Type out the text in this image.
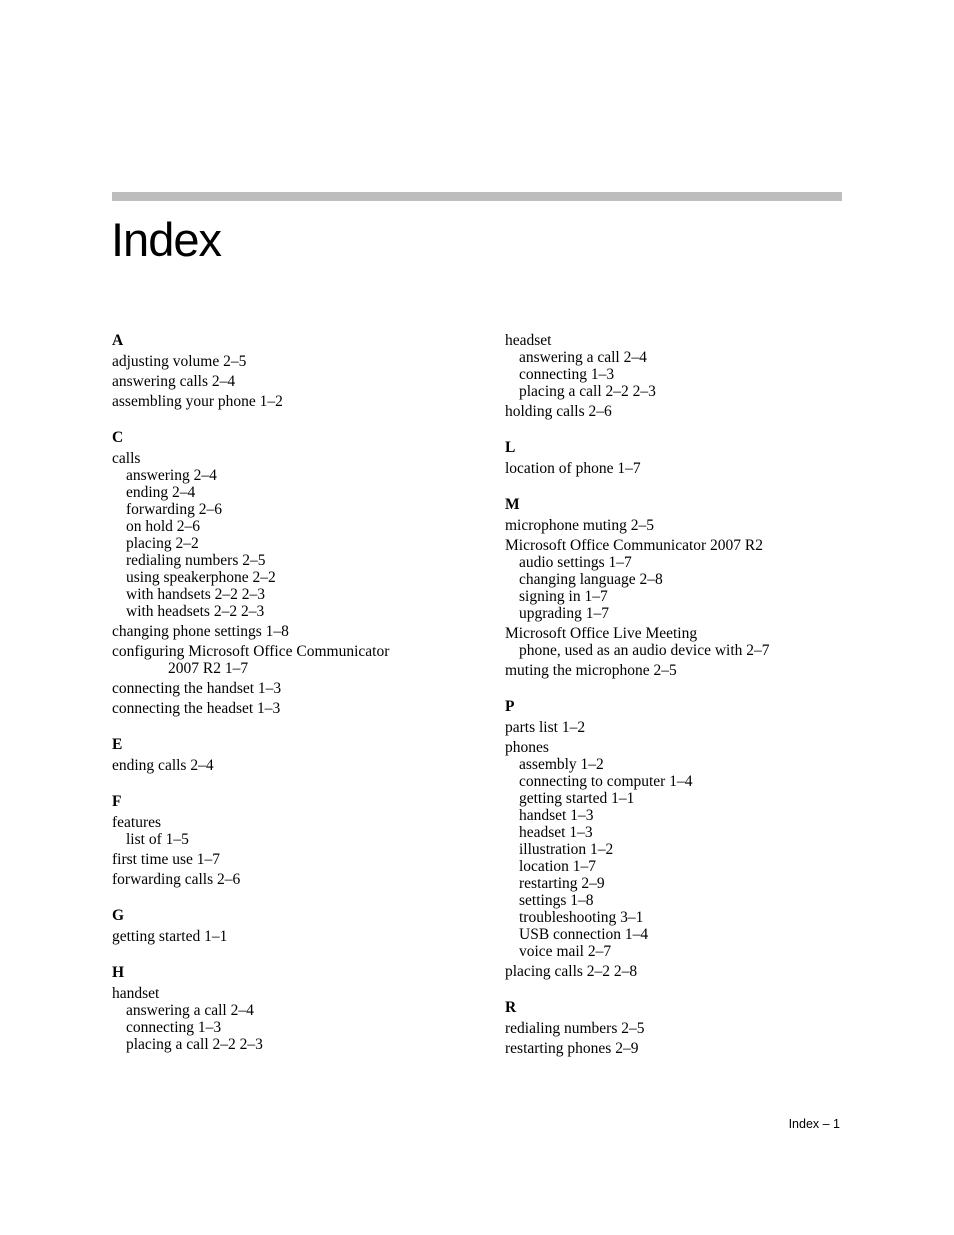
Index
A
adjusting volume 2–5
answering calls 2–4
assembling your phone 1–2
C
calls
answering 2–4
ending 2–4
forwarding 2–6
on hold 2–6
placing 2–2
redialing numbers 2–5
using speakerphone 2–2
with handsets 2–2 2–3
with headsets 2–2 2–3
changing phone settings 1–8
configuring Microsoft Office Communicator
2007 R2 1–7
connecting the handset 1–3
connecting the headset 1–3
E
ending calls 2–4
F
features
list of 1–5
first time use 1–7
forwarding calls 2–6
G
getting started 1–1
H
handset
answering a call 2–4
connecting 1–3
placing a call 2–2 2–3
headset
answering a call 2–4
connecting 1–3
placing a call 2–2 2–3
holding calls 2–6
L
location of phone 1–7
M
microphone muting 2–5
Microsoft Office Communicator 2007 R2
audio settings 1–7
changing language 2–8
signing in 1–7
upgrading 1–7
Microsoft Office Live Meeting
phone, used as an audio device with 2–7
muting the microphone 2–5
P
parts list 1–2
phones
assembly 1–2
connecting to computer 1–4
getting started 1–1
handset 1–3
headset 1–3
illustration 1–2
location 1–7
restarting 2–9
settings 1–8
troubleshooting 3–1
USB connection 1–4
voice mail 2–7
placing calls 2–2 2–8
R
redialing numbers 2–5
restarting phones 2–9
Index – 1
